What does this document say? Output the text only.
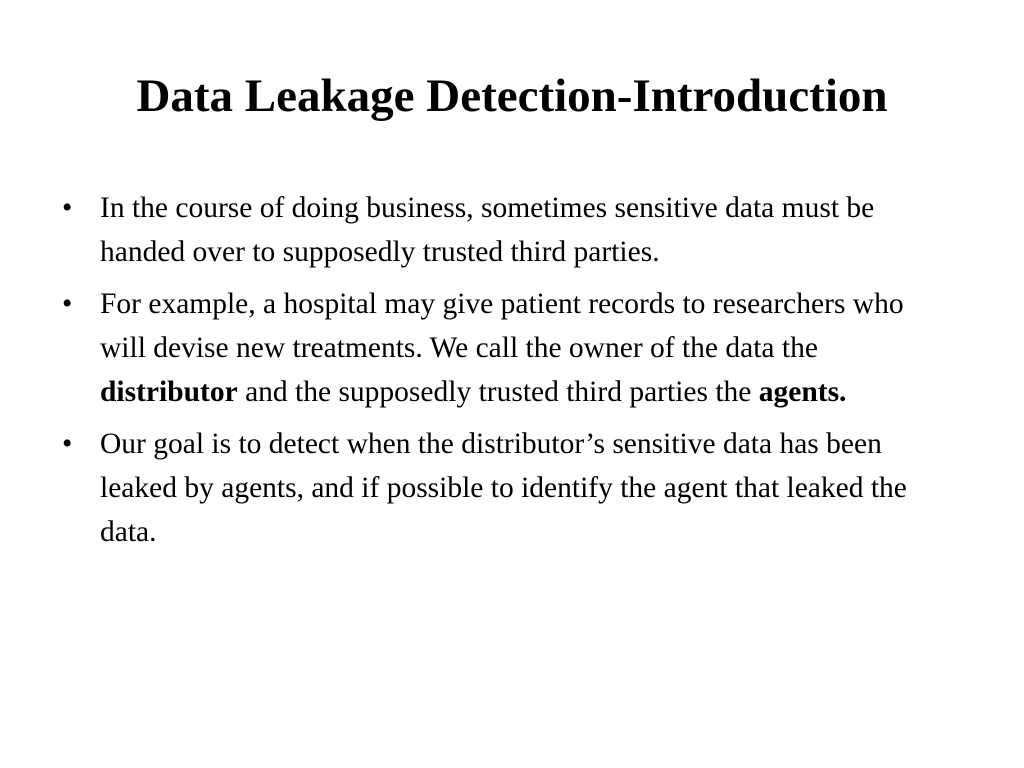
Data Leakage Detection-Introduction
• In the course of doing business, sometimes sensitive data must be handed over to supposedly trusted third parties.
• For example, a hospital may give patient records to researchers who will devise new treatments. We call the owner of the data the distributor and the supposedly trusted third parties the agents.
• Our goal is to detect when the distributor’s sensitive data has been leaked by agents, and if possible to identify the agent that leaked the data.
